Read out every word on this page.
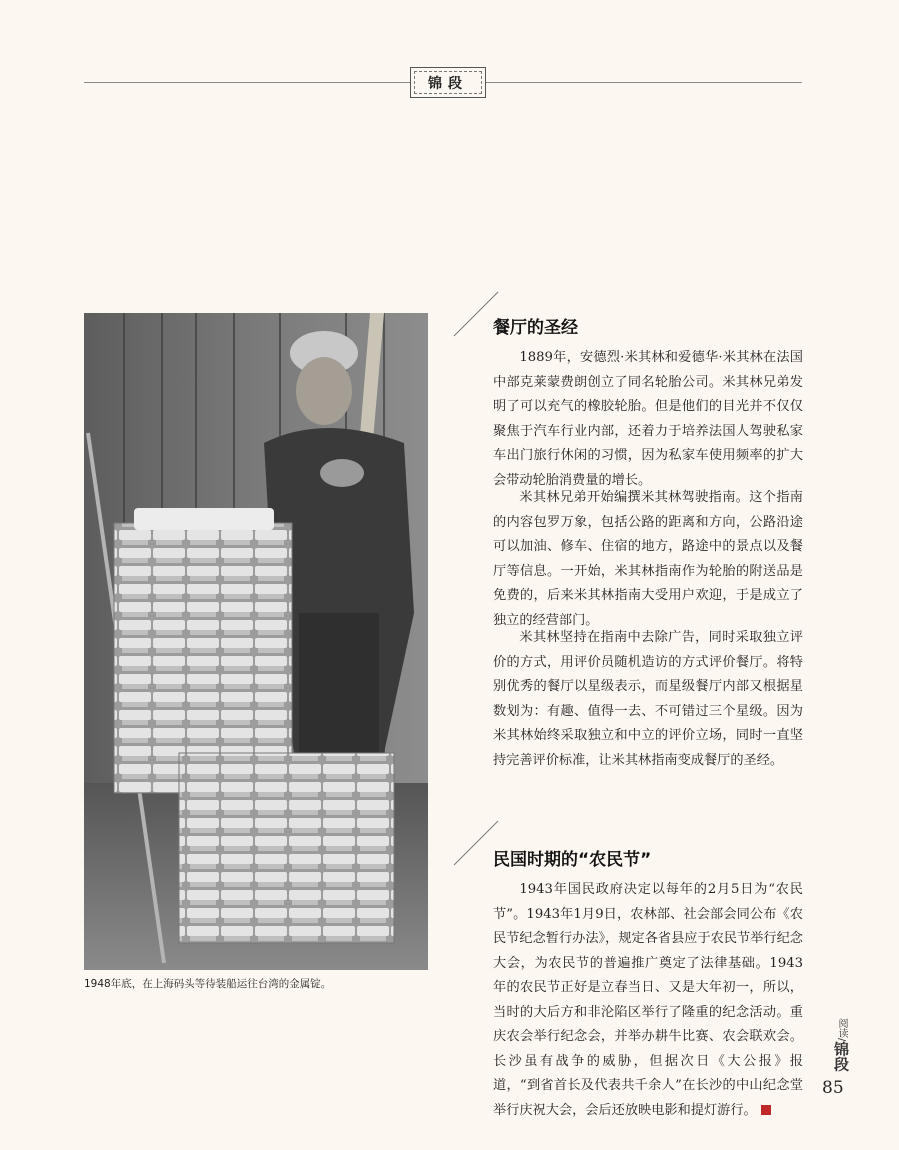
锦段
1948年底，在上海码头等待装船运往台湾的金属锭。
餐厅的圣经

1889年，安德烈·米其林和爱德华·米其林在法国中部克莱蒙费朗创立了同名轮胎公司。米其林兄弟发明了可以充气的橡胶轮胎。但是他们的目光并不仅仅聚焦于汽车行业内部，还着力于培养法国人驾驶私家车出门旅行休闲的习惯，因为私家车使用频率的扩大会带动轮胎消费量的增长。

米其林兄弟开始编撰米其林驾驶指南。这个指南的内容包罗万象，包括公路的距离和方向，公路沿途可以加油、修车、住宿的地方，路途中的景点以及餐厅等信息。一开始，米其林指南作为轮胎的附送品是免费的，后来米其林指南大受用户欢迎，于是成立了独立的经营部门。

米其林坚持在指南中去除广告，同时采取独立评价的方式，用评价员随机造访的方式评价餐厅。将特别优秀的餐厅以星级表示，而星级餐厅内部又根据星数划为：有趣、值得一去、不可错过三个星级。因为米其林始终采取独立和中立的评价立场，同时一直坚持完善评价标准，让米其林指南变成餐厅的圣经。

民国时期的“农民节”

1943年国民政府决定以每年的2月5日为“农民节”。1943年1月9日，农林部、社会部会同公布《农民节纪念暂行办法》，规定各省县应于农民节举行纪念大会，为农民节的普遍推广奠定了法律基础。1943年的农民节正好是立春当日、又是大年初一，所以，当时的大后方和非沦陷区举行了隆重的纪念活动。重庆农会举行纪念会，并举办耕牛比赛、农会联欢会。长沙虽有战争的威胁，但据次日《大公报》报道，“到省首长及代表共千余人”在长沙的中山纪念堂举行庆祝大会，会后还放映电影和提灯游行。

阅读/锦段
85
